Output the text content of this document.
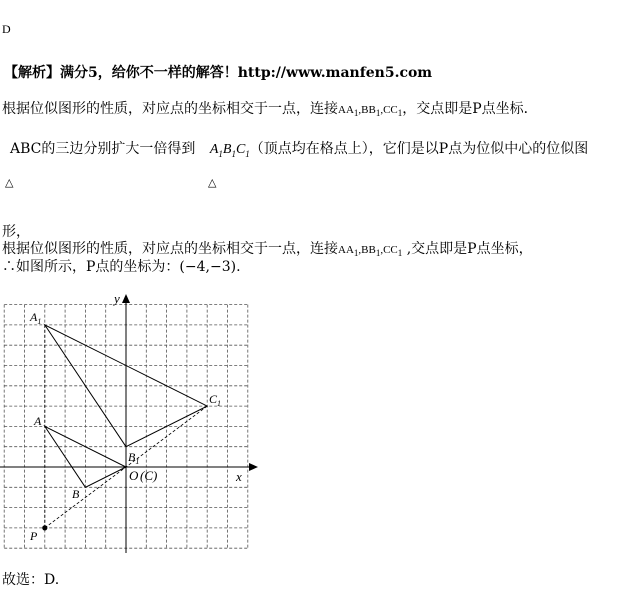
D
【解析】满分5，给你不一样的解答！http://www.manfen5.com
根据位似图形的性质，对应点的坐标相交于一点，连接$AA_1,BB_1,CC_1$，交点即是P点坐标．
ABC的三边分别扩大一倍得到 $A_1B_1C_1$（顶点均在格点上），它们是以P点为位似中心的位似图
△	△
形，
根据位似图形的性质，对应点的坐标相交于一点，连接$AA_1,BB_1,CC_1$ ,交点即是P点坐标，
∴如图所示，P点的坐标为：(−4,−3).
y
x
$A_1$
$C_1$
A
$B_1$
B
O (C)
P
故选：D.
